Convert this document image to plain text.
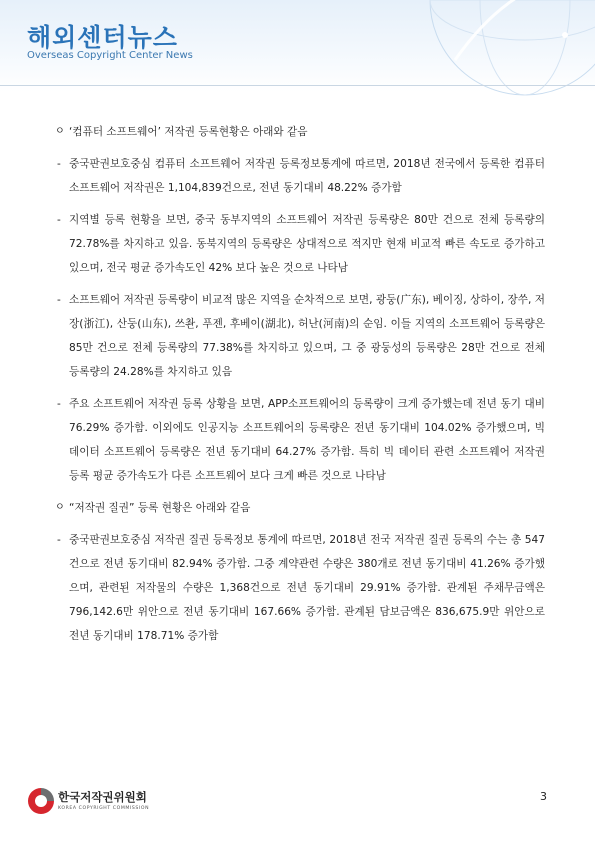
해외센터뉴스
Overseas Copyright Center News
ㅇ ‘컴퓨터 소프트웨어’ 저작권 등록현황은 아래와 같음
- 중국판권보호중심 컴퓨터 소프트웨어 저작권 등록정보통계에 따르면, 2018년 전국에서 등록한 컴퓨터 소프트웨어 저작권은 1,104,839건으로, 전년 동기대비 48.22% 증가함

- 지역별 등록 현황을 보면, 중국 동부지역의 소프트웨어 저작권 등록량은 80만 건으로 전체 등록량의 72.78%를 차지하고 있음. 동북지역의 등록량은 상대적으로 적지만 현재 비교적 빠른 속도로 증가하고 있으며, 전국 평균 증가속도인 42% 보다 높은 것으로 나타남

- 소프트웨어 저작권 등록량이 비교적 많은 지역을 순차적으로 보면, 광둥(广东), 베이징, 상하이, 장쑤, 저장(浙江), 산둥(山东), 쓰촨, 푸젠, 후베이(湖北), 허난(河南)의 순임. 이들 지역의 소프트웨어 등록량은 85만 건으로 전체 등록량의 77.38%를 차지하고 있으며, 그 중 광둥성의 등록량은 28만 건으로 전체 등록량의 24.28%를 차지하고 있음

- 주요 소프트웨어 저작권 등록 상황을 보면, APP소프트웨어의 등록량이 크게 증가했는데 전년 동기 대비 76.29% 증가함. 이외에도 인공지능 소프트웨어의 등록량은 전년 동기대비 104.02% 증가했으며, 빅 데이터 소프트웨어 등록량은 전년 동기대비 64.27% 증가함. 특히 빅 데이터 관련 소프트웨어 저작권 등록 평균 증가속도가 다른 소프트웨어 보다 크게 빠른 것으로 나타남

ㅇ “저작권 질권” 등록 현황은 아래와 같음
- 중국판권보호중심 저작권 질권 등록정보 통계에 따르면, 2018년 전국 저작권 질권 등록의 수는 총 547건으로 전년 동기대비 82.94% 증가함. 그중 계약관련 수량은 380개로 전년 동기대비 41.26% 증가했으며, 관련된 저작물의 수량은 1,368건으로 전년 동기대비 29.91% 증가함. 관계된 주채무금액은 796,142.6만 위안으로 전년 동기대비 167.66% 증가함. 관계된 담보금액은 836,675.9만 위안으로 전년 동기대비 178.71% 증가함

한국저작권위원회
KOREA COPYRIGHT COMMISSION
3
